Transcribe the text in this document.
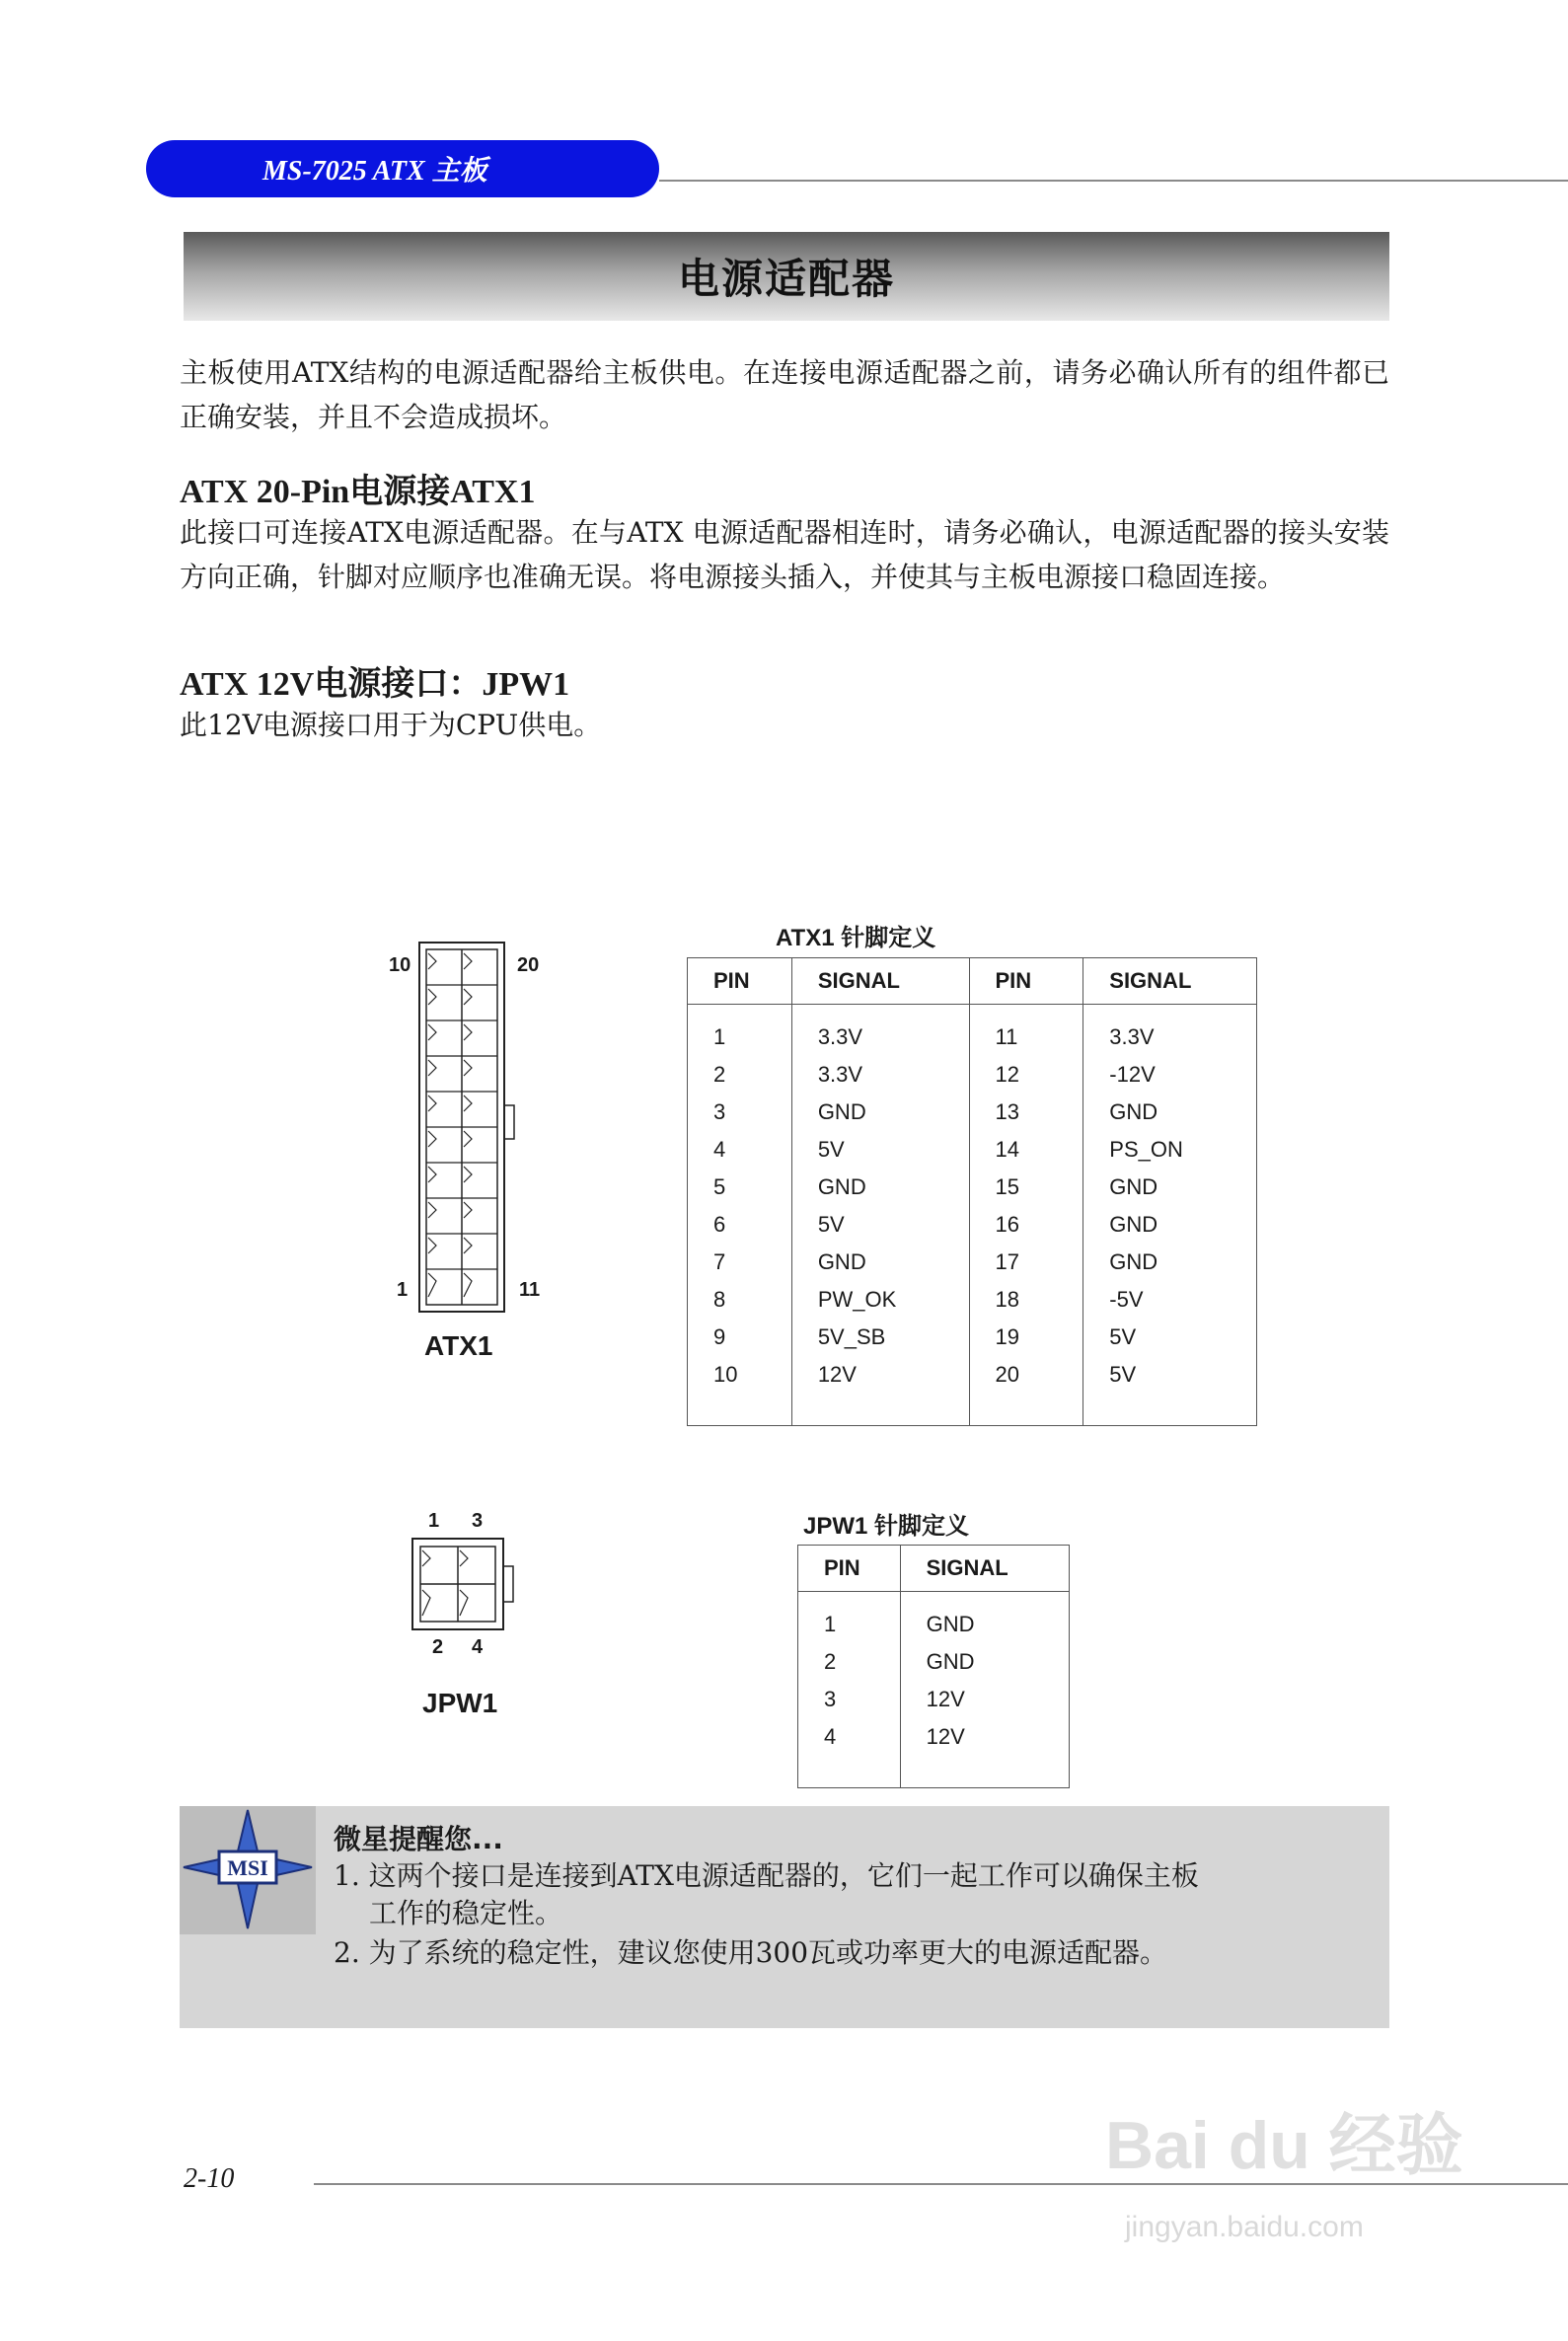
MS-7025 ATX 主板
电源适配器
主板使用ATX结构的电源适配器给主板供电。在连接电源适配器之前，请务必确认所有的组件都已正确安装，并且不会造成损坏。
ATX 20-Pin电源接ATX1
此接口可连接ATX电源适配器。在与ATX 电源适配器相连时，请务必确认，电源适配器的接头安装方向正确，针脚对应顺序也准确无误。将电源接头插入，并使其与主板电源接口稳固连接。
ATX 12V电源接口：JPW1
此12V电源接口用于为CPU供电。
10	20
1	11
ATX1
ATX1 针脚定义
PIN	SIGNAL	PIN	SIGNAL

1	3.3V	11	3.3V
2	3.3V	12	-12V
3	GND	13	GND
4	5V	14	PS_ON
5	GND	15	GND
6	5V	16	GND
7	GND	17	GND
8	PW_OK	18	-5V
9	5V_SB	19	5V
10	12V	20	5V

1 3
2 4
JPW1
JPW1 针脚定义
PIN	SIGNAL

1	GND
2	GND
3	12V
4	12V

MSI
微星提醒您...
1. 这两个接口是连接到ATX电源适配器的，它们一起工作可以确保主板
工作的稳定性。
2. 为了系统的稳定性，建议您使用300瓦或功率更大的电源适配器。
2-10	Bai du 经验
jingyan.baidu.com
